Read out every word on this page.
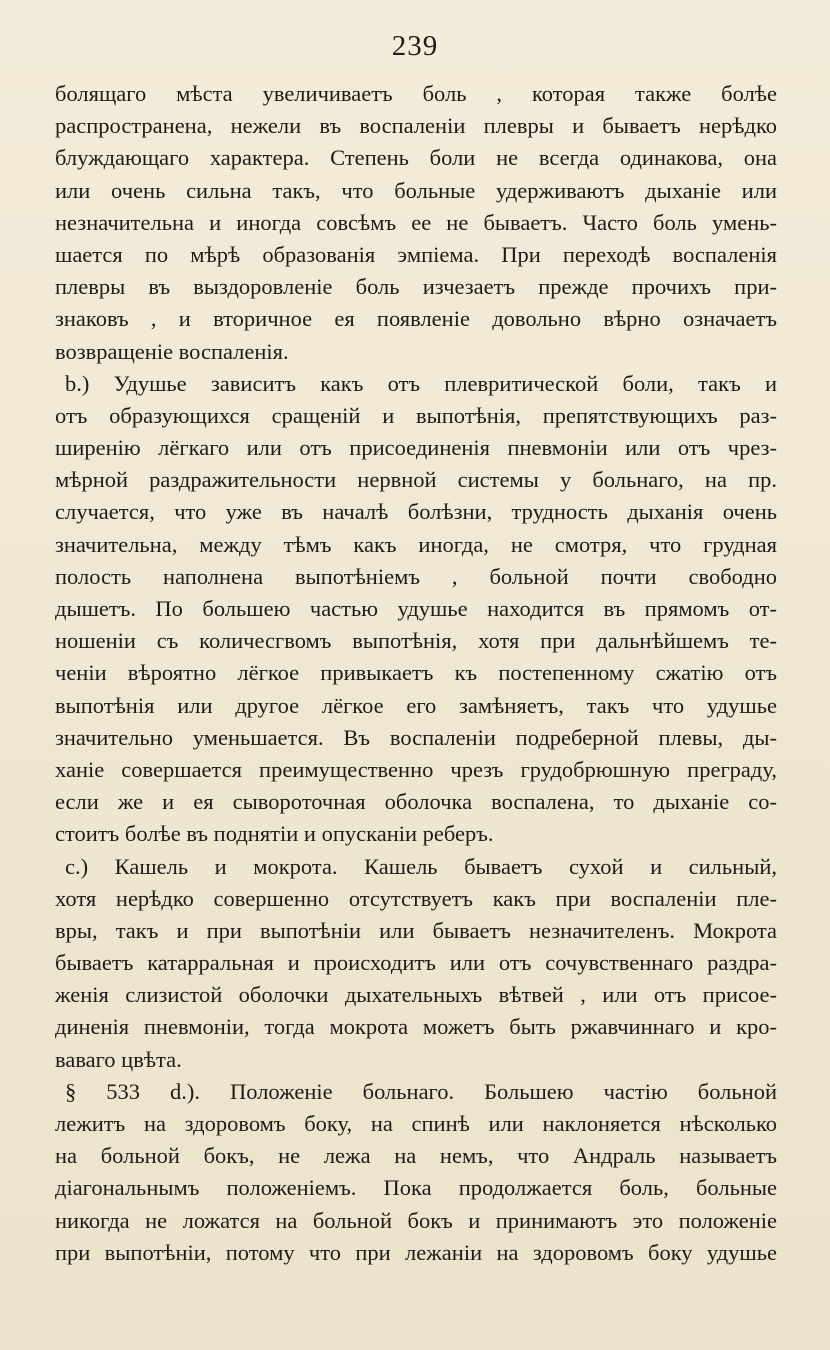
239
болящаго мѣста увеличиваетъ боль , которая также болѣе
распространена, нежели въ воспаленіи плевры и бываетъ нерѣдко
блуждающаго характера. Степень боли не всегда одинакова, она
или очень сильна такъ, что больные удерживаютъ дыханіе или
незначительна и иногда совсѣмъ ее не бываетъ. Часто боль умень-
шается по мѣрѣ образованія эмпіема. При переходѣ воспаленія
плевры въ выздоровленіе боль изчезаетъ прежде прочихъ при-
знаковъ , и вторичное ея появленіе довольно вѣрно означаетъ
возвращеніе воспаленія.
b.) Удушье зависитъ какъ отъ плевритической боли, такъ и
отъ образующихся сращеній и выпотѣнія, препятствующихъ раз-
ширенію лёгкаго или отъ присоединенія пневмоніи или отъ чрез-
мѣрной раздражительности нервной системы у больнаго, на пр.
случается, что уже въ началѣ болѣзни, трудность дыханія очень
значительна, между тѣмъ какъ иногда, не смотря, что грудная
полость наполнена выпотѣніемъ , больной почти свободно
дышетъ. По большею частью удушье находится въ прямомъ от-
ношеніи съ количесгвомъ выпотѣнія, хотя при дальнѣйшемъ те-
ченіи вѣроятно лёгкое привыкаетъ къ постепенному сжатію отъ
выпотѣнія или другое лёгкое его замѣняетъ, такъ что удушье
значительно уменьшается. Въ воспаленіи подреберной плевы, ды-
ханіе совершается преимущественно чрезъ грудобрюшную преграду,
если же и ея сывороточная оболочка воспалена, то дыханіе со-
стоитъ болѣе въ поднятіи и опусканіи реберъ.
c.) Кашель и мокрота. Кашель бываетъ сухой и сильный,
хотя нерѣдко совершенно отсутствуетъ какъ при воспаленіи пле-
вры, такъ и при выпотѣніи или бываетъ незначителенъ. Мокрота
бываетъ катарральная и происходитъ или отъ сочувственнаго раздра-
женія слизистой оболочки дыхательныхъ вѣтвей , или отъ присое-
диненія пневмоніи, тогда мокрота можетъ быть ржавчиннаго и кро-
ваваго цвѣта.
§ 533 d.). Положеніе больнаго. Большею частію больной
лежитъ на здоровомъ боку, на спинѣ или наклоняется нѣсколько
на больной бокъ, не лежа на немъ, что Андраль называетъ
діагональнымъ положеніемъ. Пока продолжается боль, больные
никогда не ложатся на больной бокъ и принимаютъ это положеніе
при выпотѣніи, потому что при лежаніи на здоровомъ боку удушье
